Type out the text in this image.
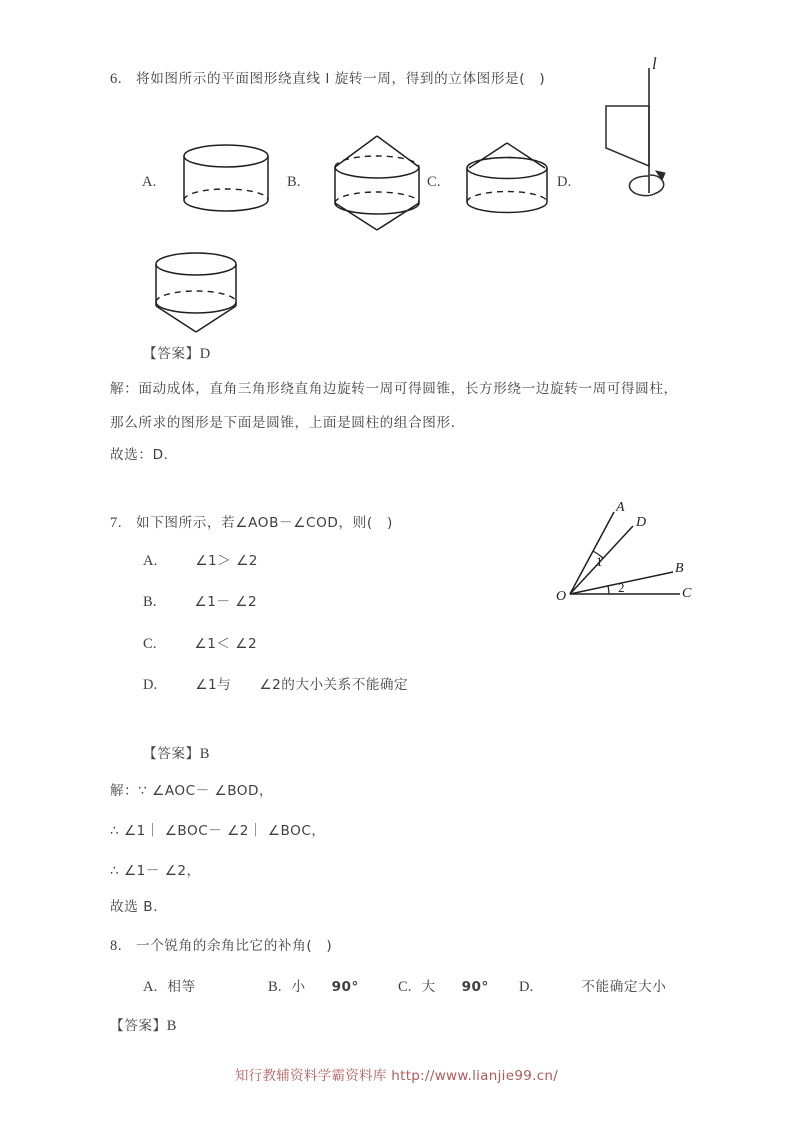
6. 将如图所示的平面图形绕直线 l 旋转一周，得到的立体图形是(　)
l
A.	B.	C.	D.
【答案】D
解：面动成体，直角三角形绕直角边旋转一周可得圆锥，长方形绕一边旋转一周可得圆柱，
那么所求的图形是下面是圆锥，上面是圆柱的组合图形.
故选：D.
7. 如下图所示，若∠AOB－∠COD，则(　)
A
D
B
C
O
1
2
A.	∠1＞ ∠2
B.	∠1－ ∠2
C.	∠1＜ ∠2
D.	∠1与　　∠2的大小关系不能确定
【答案】B
解：∵ ∠AOC－ ∠BOD，
∴ ∠1｜ ∠BOC－ ∠2｜ ∠BOC，
∴ ∠1－ ∠2，
故选 B.
8. 一个锐角的余角比它的补角(　)
A. 相等	B. 小 90°	C. 大 90° D.	不能确定大小
【答案】B
知行教辅资料学霸资料库 http://www.lianjie99.cn/
